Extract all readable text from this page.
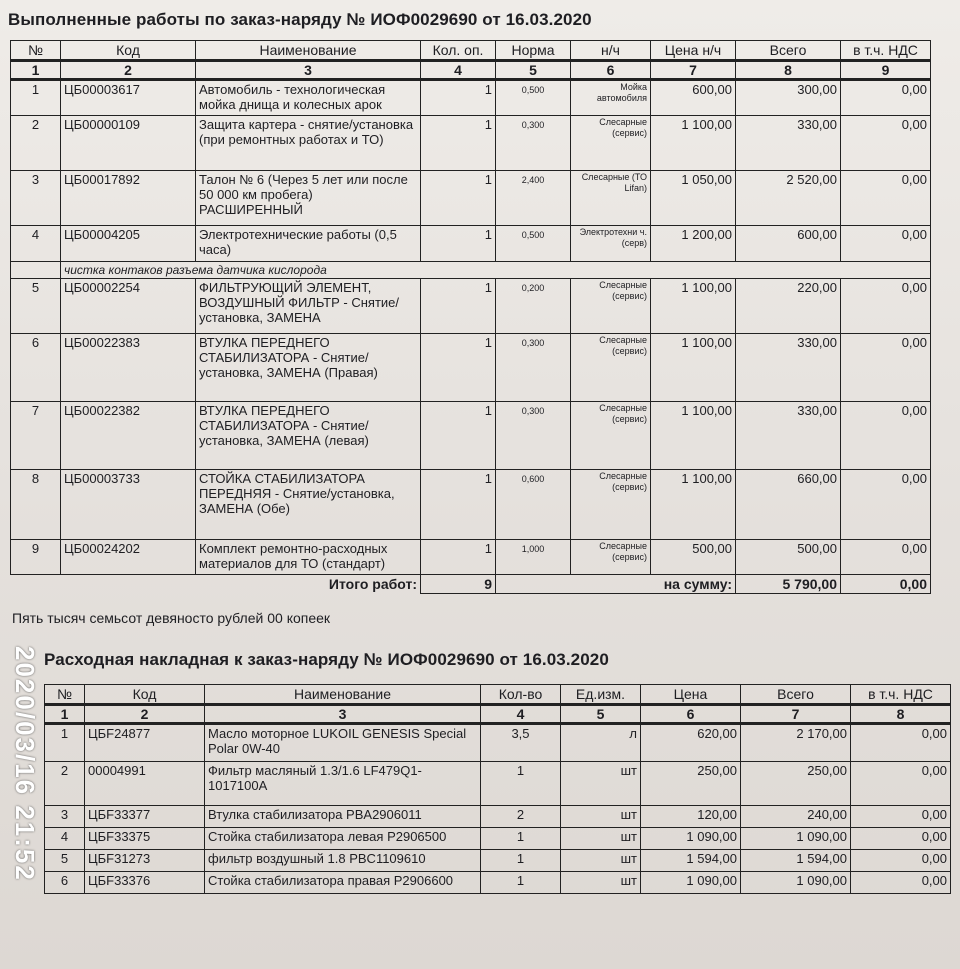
Выполненные работы по заказ-наряду № ИОФ0029690 от 16.03.2020
№	Код	Наименование	Кол. оп.	Норма	н/ч	Цена н/ч	Всего	в т.ч. НДС
1	2	3	4	5	6	7	8	9
1	ЦБ00003617	Автомобиль - технологическая мойка днища и колесных арок	1	0,500	Мойка автомобиля	600,00	300,00	0,00
2	ЦБ00000109	Защита картера - снятие/установка (при ремонтных работах и ТО)	1	0,300	Слесарные (сервис)	1 100,00	330,00	0,00
3	ЦБ00017892	Талон № 6 (Через 5 лет или после 50 000 км пробега) РАСШИРЕННЫЙ	1	2,400	Слесарные (ТО Lifan)	1 050,00	2 520,00	0,00
4	ЦБ00004205	Электротехнические работы (0,5 часа)	1	0,500	Электротехни ч.(серв)	1 200,00	600,00	0,00
	чистка контаков разъема датчика кислорода							
5	ЦБ00002254	ФИЛЬТРУЮЩИЙ ЭЛЕМЕНТ, ВОЗДУШНЫЙ ФИЛЬТР - Снятие/установка, ЗАМЕНА	1	0,200	Слесарные (сервис)	1 100,00	220,00	0,00
6	ЦБ00022383	ВТУЛКА ПЕРЕДНЕГО СТАБИЛИЗАТОРА - Снятие/установка, ЗАМЕНА (Правая)	1	0,300	Слесарные (сервис)	1 100,00	330,00	0,00
7	ЦБ00022382	ВТУЛКА ПЕРЕДНЕГО СТАБИЛИЗАТОРА - Снятие/установка, ЗАМЕНА (левая)	1	0,300	Слесарные (сервис)	1 100,00	330,00	0,00
8	ЦБ00003733	СТОЙКА СТАБИЛИЗАТОРА ПЕРЕДНЯЯ - Снятие/установка, ЗАМЕНА (Обе)	1	0,600	Слесарные (сервис)	1 100,00	660,00	0,00
9	ЦБ00024202	Комплект ремонтно-расходных материалов для ТО (стандарт)	1	1,000	Слесарные (сервис)	500,00	500,00	0,00
Итого работ:			9	на сумму:			5 790,00	0,00
Пять тысяч семьсот девяносто рублей 00 копеек
2020/03/16 21:52 Расходная накладная к заказ-наряду № ИОФ0029690 от 16.03.2020
№	Код	Наименование	Кол-во	Ед.изм.	Цена	Всего	в т.ч. НДС
1	2	3	4	5	6	7	8
1	ЦБF24877	Масло моторное LUKOIL GENESIS Special Polar 0W-40	3,5	л	620,00	2 170,00	0,00
2	00004991	Фильтр масляный 1.3/1.6 LF479Q1-1017100A	1	шт	250,00	250,00	0,00
3	ЦБF33377	Втулка стабилизатора PBA2906011	2	шт	120,00	240,00	0,00
4	ЦБF33375	Стойка стабилизатора левая P2906500	1	шт	1 090,00	1 090,00	0,00
5	ЦБF31273	фильтр воздушный 1.8 PBC1109610	1	шт	1 594,00	1 594,00	0,00
6	ЦБF33376	Стойка стабилизатора правая P2906600	1	шт	1 090,00	1 090,00	0,00
